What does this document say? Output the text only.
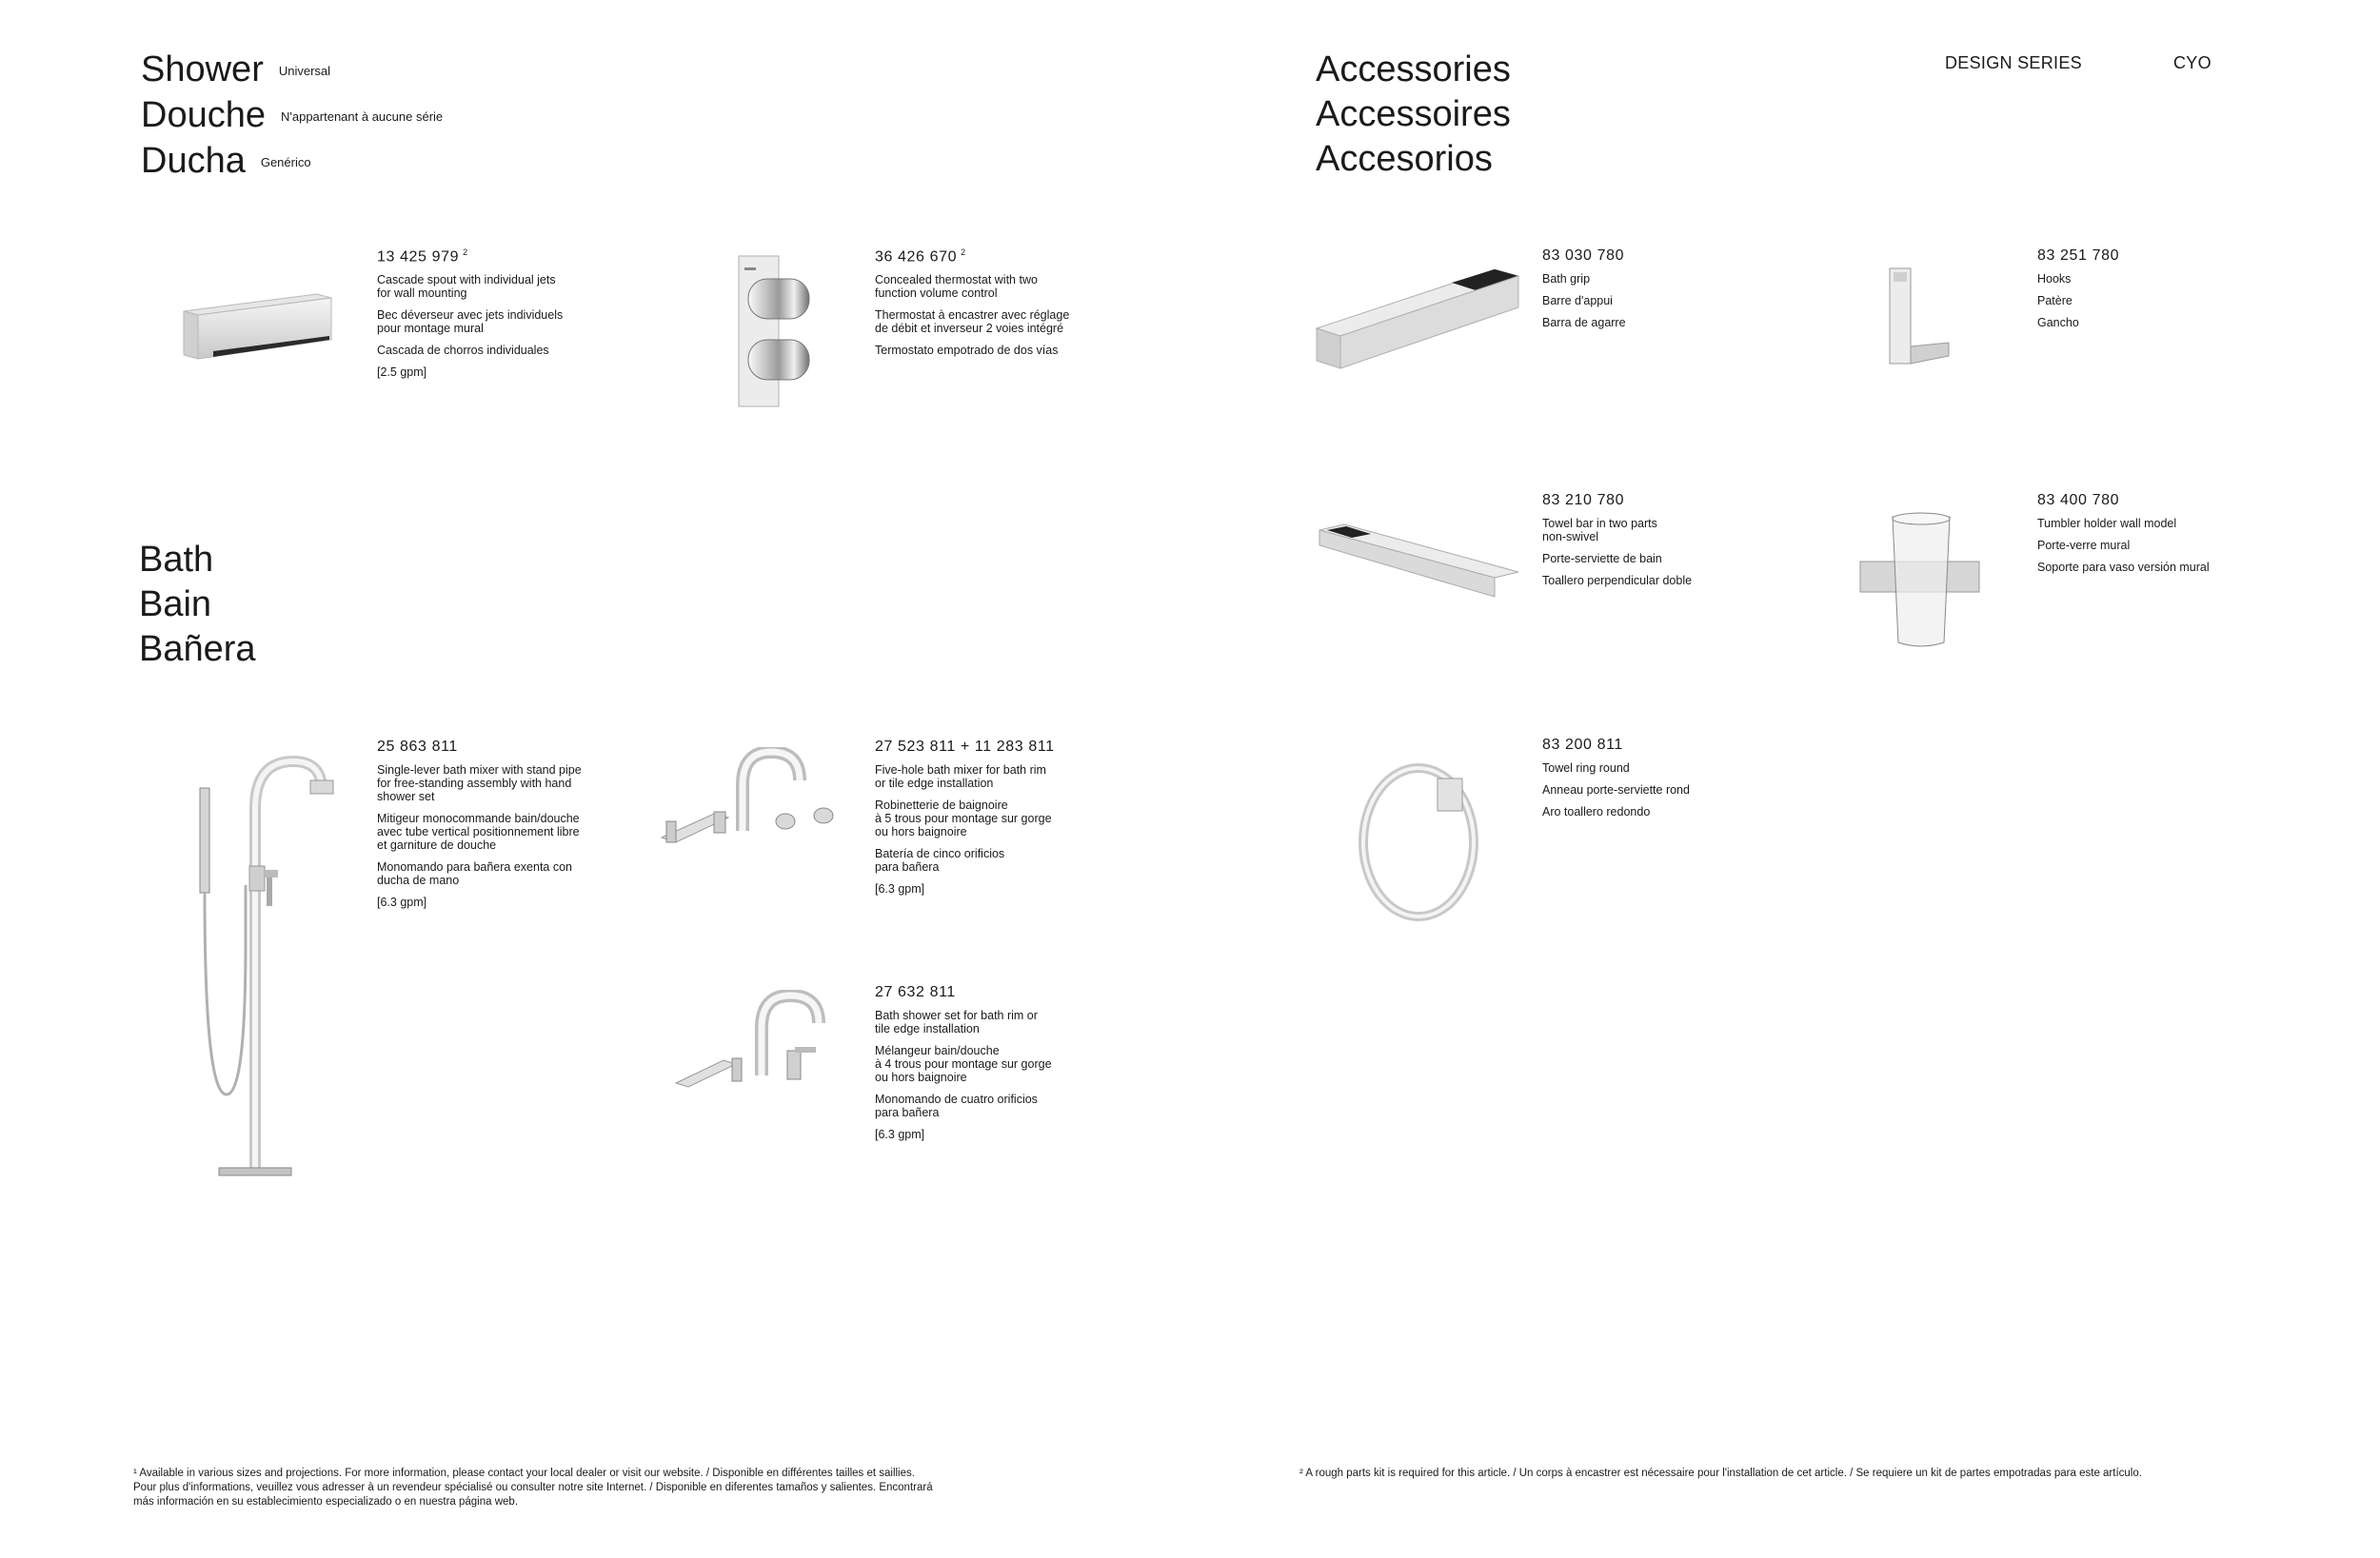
Shower $^{Universal}$
Douche $^{N'appartenant à aucune série}$
Ducha $^{Genérico}$
Bath
Bain
Bañera
Accessories
Accessoires
Accesorios
DESIGN SERIES	CYO
13 425 979 $^2$

Cascade spout with individual jets
for wall mounting

Bec déverseur avec jets individuels
pour montage mural

Cascada de chorros individuales

[2.5 gpm]

36 426 670 $^2$

Concealed thermostat with two
function volume control

Thermostat à encastrer avec réglage
de débit et inverseur 2 voies intégré

Termostato empotrado de dos vías

25 863 811

Single-lever bath mixer with stand pipe
for free-standing assembly with hand
shower set

Mitigeur monocommande bain/douche
avec tube vertical positionnement libre
et garniture de douche

Monomando para bañera exenta con
ducha de mano

[6.3 gpm]

27 523 811 + 11 283 811

Five-hole bath mixer for bath rim
or tile edge installation

Robinetterie de baignoire
à 5 trous pour montage sur gorge
ou hors baignoire

Batería de cinco orificios
para bañera

[6.3 gpm]

27 632 811

Bath shower set for bath rim or
tile edge installation

Mélangeur bain/douche
à 4 trous pour montage sur gorge
ou hors baignoire

Monomando de cuatro orificios
para bañera

[6.3 gpm]

83 030 780

Bath grip

Barre d'appui

Barra de agarre

83 251 780

Hooks

Patère

Gancho

83 210 780

Towel bar in two parts
non-swivel

Porte-serviette de bain

Toallero perpendicular doble

83 400 780

Tumbler holder wall model

Porte-verre mural

Soporte para vaso versión mural

83 200 811

Towel ring round

Anneau porte-serviette rond

Aro toallero redondo

¹ Available in various sizes and projections. For more information, please contact your local dealer or visit our website. / Disponible en différentes tailles et saillies.
Pour plus d'informations, veuillez vous adresser à un revendeur spécialisé ou consulter notre site Internet. / Disponible en diferentes tamaños y salientes. Encontrará
más información en su establecimiento especializado o en nuestra página web.
² A rough parts kit is required for this article. / Un corps à encastrer est nécessaire pour l'installation de cet article. / Se requiere un kit de partes empotradas para este artículo.
